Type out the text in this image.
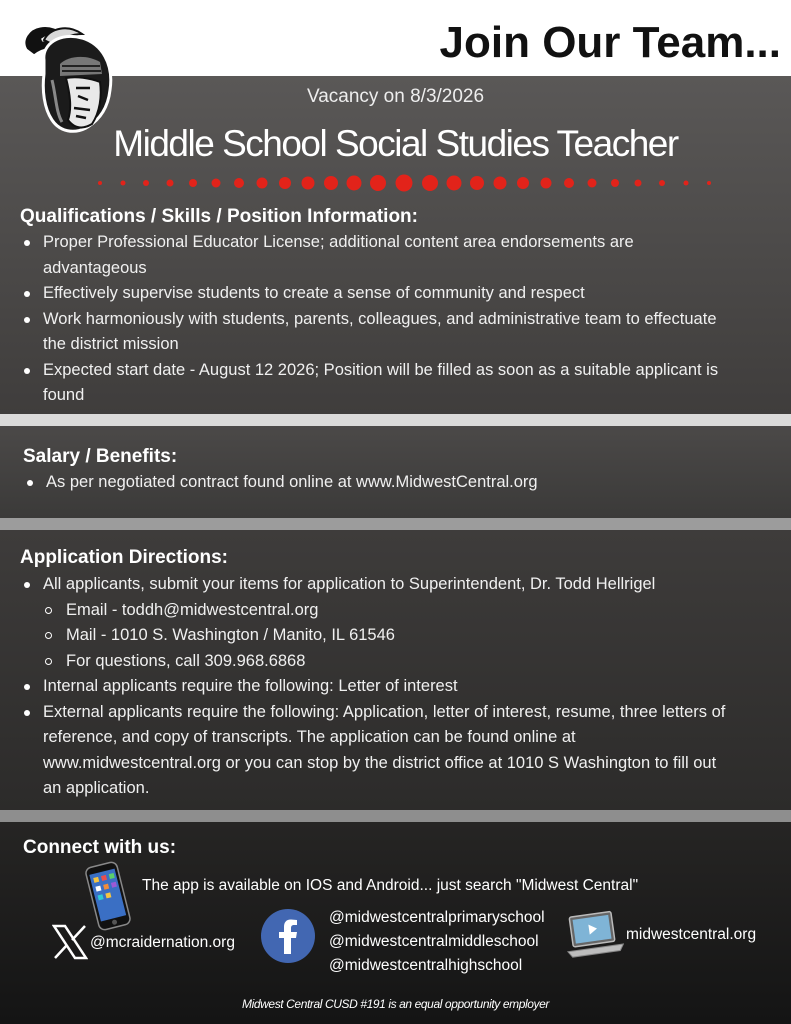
Join Our Team...
Vacancy on 8/3/2026
Middle School Social Studies Teacher
Qualifications / Skills / Position Information:
Proper Professional Educator License; additional content area endorsements are advantageous
Effectively supervise students to create a sense of community and respect
Work harmoniously with students, parents, colleagues, and administrative team to effectuate the district mission
Expected start date - August 12 2026; Position will be filled as soon as a suitable applicant is found
Salary / Benefits:
As per negotiated contract found online at www.MidwestCentral.org
Application Directions:
All applicants, submit your items for application to Superintendent, Dr. Todd Hellrigel
Email - toddh@midwestcentral.org
Mail - 1010 S. Washington / Manito, IL 61546
For questions, call 309.968.6868
Internal applicants require the following: Letter of interest
External applicants require the following: Application, letter of interest, resume, three letters of reference, and copy of transcripts. The application can be found online at www.midwestcentral.org or you can stop by the district office at 1010 S Washington to fill out an application.
Connect with us:
The app is available on IOS and Android... just search "Midwest Central"
@mcraidernation.org
@midwestcentralprimaryschool
@midwestcentralmiddleschool
@midwestcentralhighschool
midwestcentral.org
Midwest Central CUSD #191 is an equal opportunity employer
